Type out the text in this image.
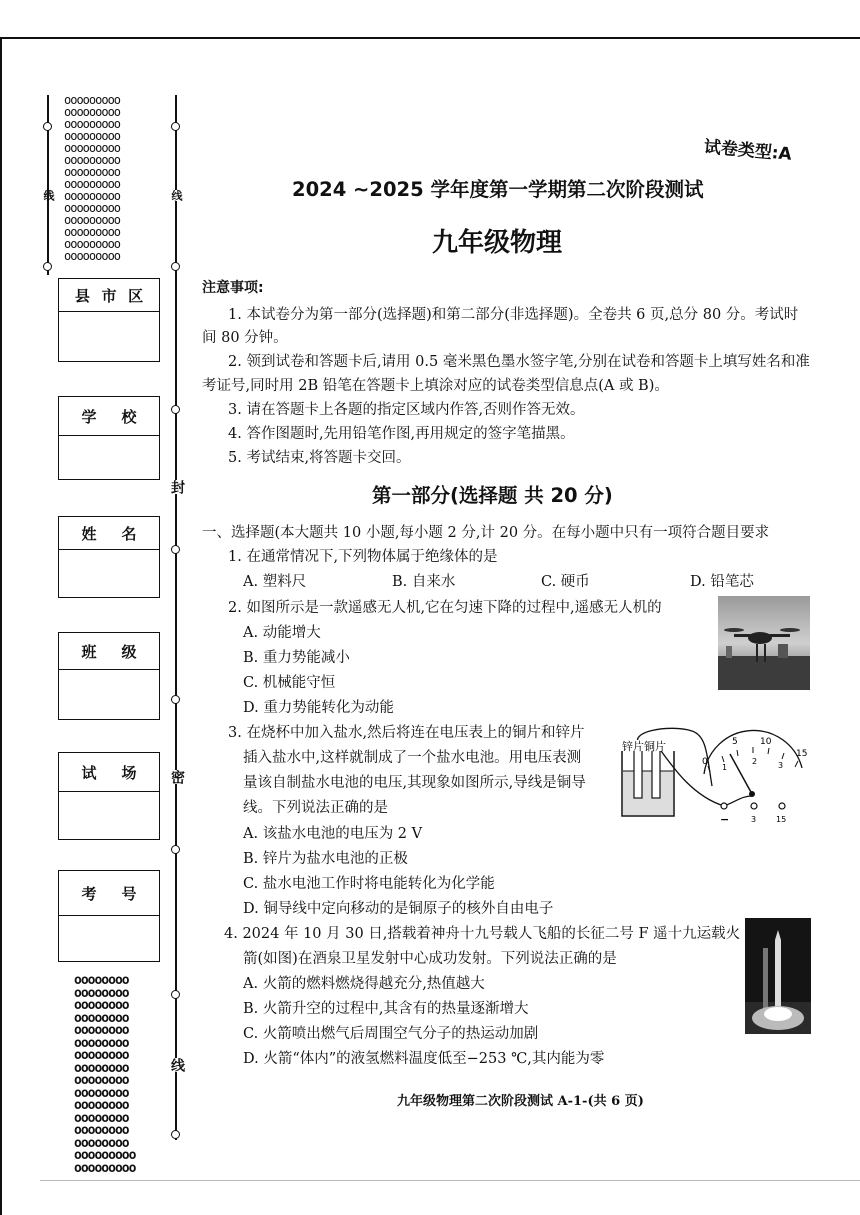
ooooooooo
ooooooooo
ooooooooo
ooooooooo
ooooooooo
ooooooooo
ooooooooo
ooooooooo
ooooooooo
ooooooooo
ooooooooo
ooooooooo
ooooooooo
ooooooooo
线	线
封
密
线
县 市 区
学 校
姓 名
班 级
试 场
考 号
oooooooo
oooooooo
oooooooo
oooooooo
oooooooo
oooooooo
oooooooo
oooooooo
oooooooo
oooooooo
oooooooo
oooooooo
oooooooo
oooooooo
ooooooooo
ooooooooo
试卷类型:A
2024 ~2025 学年度第一学期第二次阶段测试
九年级物理
注意事项:
1. 本试卷分为第一部分(选择题)和第二部分(非选择题)。全卷共 6 页,总分 80 分。考试时
间 80 分钟。
2. 领到试卷和答题卡后,请用 0.5 毫米黑色墨水签字笔,分别在试卷和答题卡上填写姓名和准
考证号,同时用 2B 铅笔在答题卡上填涂对应的试卷类型信息点(A 或 B)。
3. 请在答题卡上各题的指定区域内作答,否则作答无效。
4. 答作图题时,先用铅笔作图,再用规定的签字笔描黑。
5. 考试结束,将答题卡交回。
第一部分(选择题 共 20 分)
一、选择题(本大题共 10 小题,每小题 2 分,计 20 分。在每小题中只有一项符合题目要求
1. 在通常情况下,下列物体属于绝缘体的是
A. 塑料尺	B. 自来水	C. 硬币	D. 铅笔芯
2. 如图所示是一款遥感无人机,它在匀速下降的过程中,遥感无人机的
A. 动能增大
B. 重力势能减小
C. 机械能守恒
D. 重力势能转化为动能
3. 在烧杯中加入盐水,然后将连在电压表上的铜片和锌片
插入盐水中,这样就制成了一个盐水电池。用电压表测
量该自制盐水电池的电压,其现象如图所示,导线是铜导
线。下列说法正确的是
A. 该盐水电池的电压为 2 V
B. 锌片为盐水电池的正极
C. 盐水电池工作时将电能转化为化学能
D. 铜导线中定向移动的是铜原子的核外自由电子
锌片铜片
0
5 10
15
1
2	3
−	3 15
4. 2024 年 10 月 30 日,搭载着神舟十九号载人飞船的长征二号 F 遥十九运载火
箭(如图)在酒泉卫星发射中心成功发射。下列说法正确的是
A. 火箭的燃料燃烧得越充分,热值越大
B. 火箭升空的过程中,其含有的热量逐渐增大
C. 火箭喷出燃气后周围空气分子的热运动加剧
D. 火箭“体内”的液氢燃料温度低至−253 ℃,其内能为零
九年级物理第二次阶段测试 A-1-(共 6 页)
